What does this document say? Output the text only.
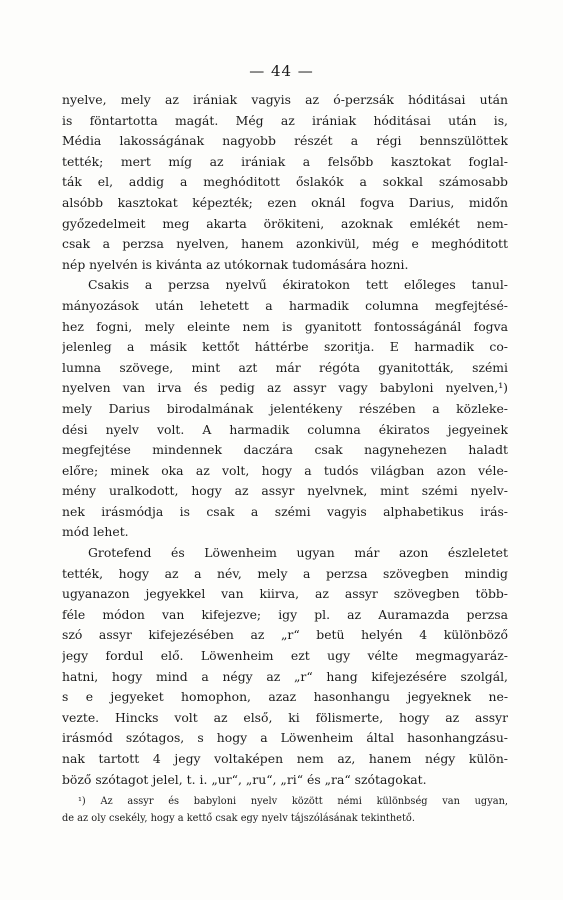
— 44 —
nyelve, mely az irániak vagyis az ó-perzsák hóditásai után
is föntartotta magát. Még az irániak hóditásai után is,
Média lakosságának nagyobb részét a régi bennszülöttek
tették; mert míg az irániak a felsőbb kasztokat foglal-
ták el, addig a meghóditott őslakók a sokkal számosabb
alsóbb kasztokat képezték; ezen oknál fogva Darius, midőn
győzedelmeit meg akarta örökiteni, azoknak emlékét nem-
csak a perzsa nyelven, hanem azonkivül, még e meghóditott
nép nyelvén is kivánta az utókornak tudomására hozni.
Csakis a perzsa nyelvű ékiratokon tett előleges tanul-
mányozások után lehetett a harmadik columna megfejtésé-
hez fogni, mely eleinte nem is gyanitott fontosságánál fogva
jelenleg a másik kettőt háttérbe szoritja. E harmadik co-
lumna szövege, mint azt már régóta gyanitották, szémi
nyelven van irva és pedig az assyr vagy babyloni nyelven,¹)
mely Darius birodalmának jelentékeny részében a közleke-
dési nyelv volt. A harmadik columna ékiratos jegyeinek
megfejtése mindennek daczára csak nagynehezen haladt
előre; minek oka az volt, hogy a tudós világban azon véle-
mény uralkodott, hogy az assyr nyelvnek, mint szémi nyelv-
nek irásmódja is csak a szémi vagyis alphabetikus irás-
mód lehet.
Grotefend és Löwenheim ugyan már azon észleletet
tették, hogy az a név, mely a perzsa szövegben mindig
ugyanazon jegyekkel van kiirva, az assyr szövegben több-
féle módon van kifejezve; igy pl. az Auramazda perzsa
szó assyr kifejezésében az „r“ betü helyén 4 különböző
jegy fordul elő. Löwenheim ezt ugy vélte megmagyaráz-
hatni, hogy mind a négy az „r“ hang kifejezésére szolgál,
s e jegyeket homophon, azaz hasonhangu jegyeknek ne-
vezte. Hincks volt az első, ki fölismerte, hogy az assyr
irásmód szótagos, s hogy a Löwenheim által hasonhangzásu-
nak tartott 4 jegy voltaképen nem az, hanem négy külön-
böző szótagot jelel, t. i. „ur“, „ru“, „ri“ és „ra“ szótagokat.
¹) Az assyr és babyloni nyelv között némi különbség van ugyan,
de az oly csekély, hogy a kettő csak egy nyelv tájszólásának tekinthető.
